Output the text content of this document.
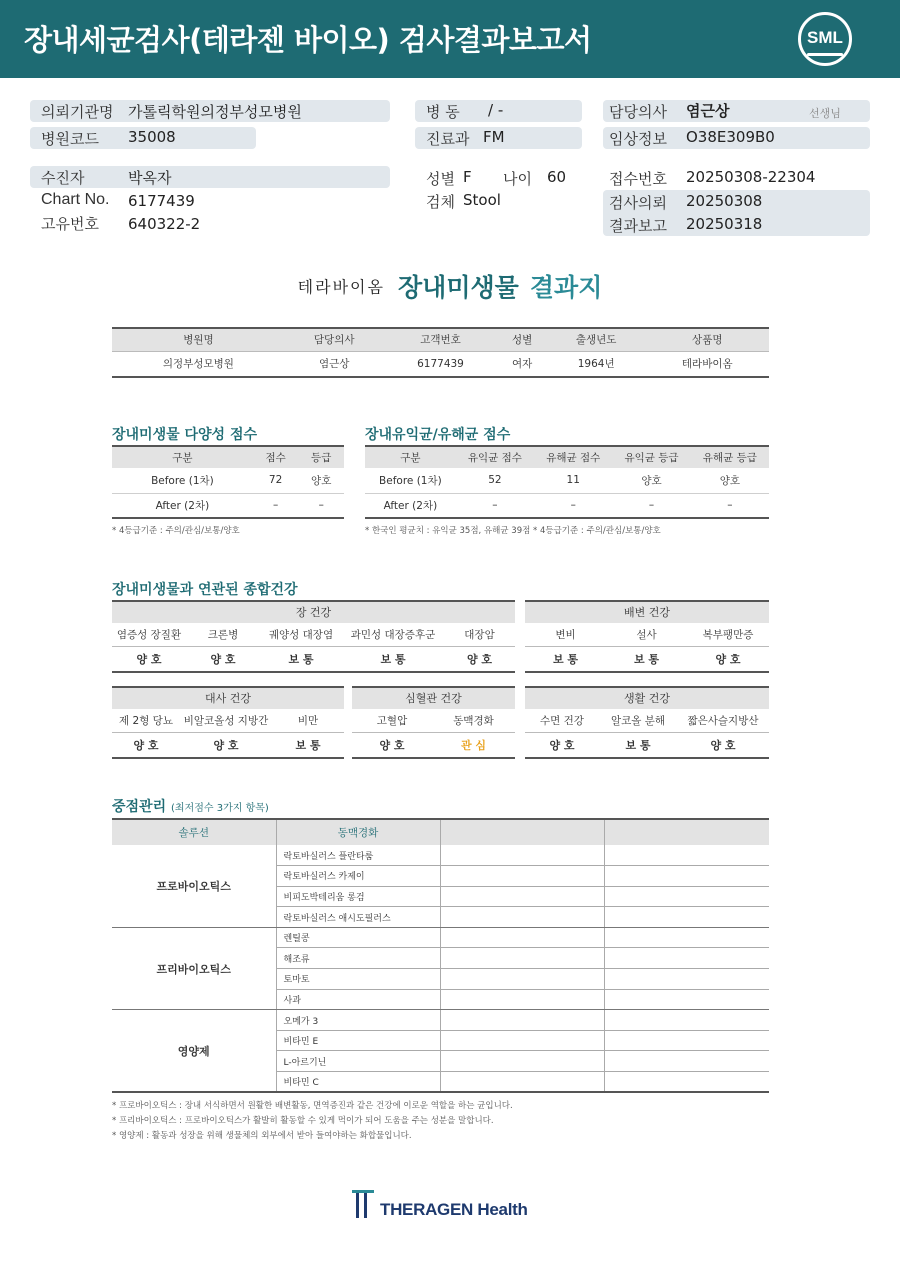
장내세균검사(테라젠 바이오) 검사결과보고서	SML
의뢰기관명 가톨릭학원의정부성모병원
병원코드 35008
병 동 / -
진료과 FM
담당의사 염근상	선생님
임상정보 O38E309B0
수진자	박옥자
Chart No. 6177439
고유번호 640322-2
성별 F 나이 60
검체 Stool
접수번호 20250308-22304
검사의뢰 20250308
결과보고 20250318
테라바이옴 장내미생물 결과지
병원명	담당의사	고객번호	성별	출생년도	상품명
의정부성모병원	염근상	6177439	여자	1964년	테라바이옴
장내미생물 다양성 점수
구분	점수	등급
Before (1차)	72	양호
After (2차)	–	–
* 4등급기준 : 주의/관심/보통/양호
장내유익균/유해균 점수
구분	유익균 점수	유해균 점수	유익균 등급	유해균 등급
Before (1차)	52	11	양호	양호
After (2차)	–	–	–	–
* 한국인 평균치 : 유익균 35점, 유해균 39점 * 4등급기준 : 주의/관심/보통/양호
장내미생물과 연관된 종합건강
장 건강
염증성 장질환	크론병	궤양성 대장염	과민성 대장증후군	대장암
양 호	양 호	보 통	보 통	양 호
배변 건강
변비	설사	복부팽만증
보 통	보 통	양 호
대사 건강
제 2형 당뇨	비알코올성 지방간	비만
양 호	양 호	보 통
심혈관 건강
고혈압	동맥경화
양 호	관 심
생활 건강
수면 건강	알코올 분해	짧은사슬지방산
양 호	보 통	양 호
중점관리 (최저점수 3가지 항목)
솔루션	동맥경화		
프로바이오틱스	락토바실러스 플란타룸		
	락토바실러스 카제이		
	비피도박테리움 롱검		
	락토바실러스 애시도필러스		
프리바이오틱스	렌틸콩		
	해조류		
	토마토		
	사과		
영양제	오메가 3		
	비타민 E		
	L-아르기닌		
	비타민 C		
* 프로바이오틱스 : 장내 서식하면서 원활한 배변활동, 면역증진과 같은 건강에 이로운 역할을 하는 균입니다.
* 프리바이오틱스 : 프로바이오틱스가 활발히 활동할 수 있게 먹이가 되어 도움을 주는 성분을 말합니다.
* 영양제 : 활동과 성장을 위해 생물체의 외부에서 받아 들여야하는 화합물입니다.
THERAGEN Health
